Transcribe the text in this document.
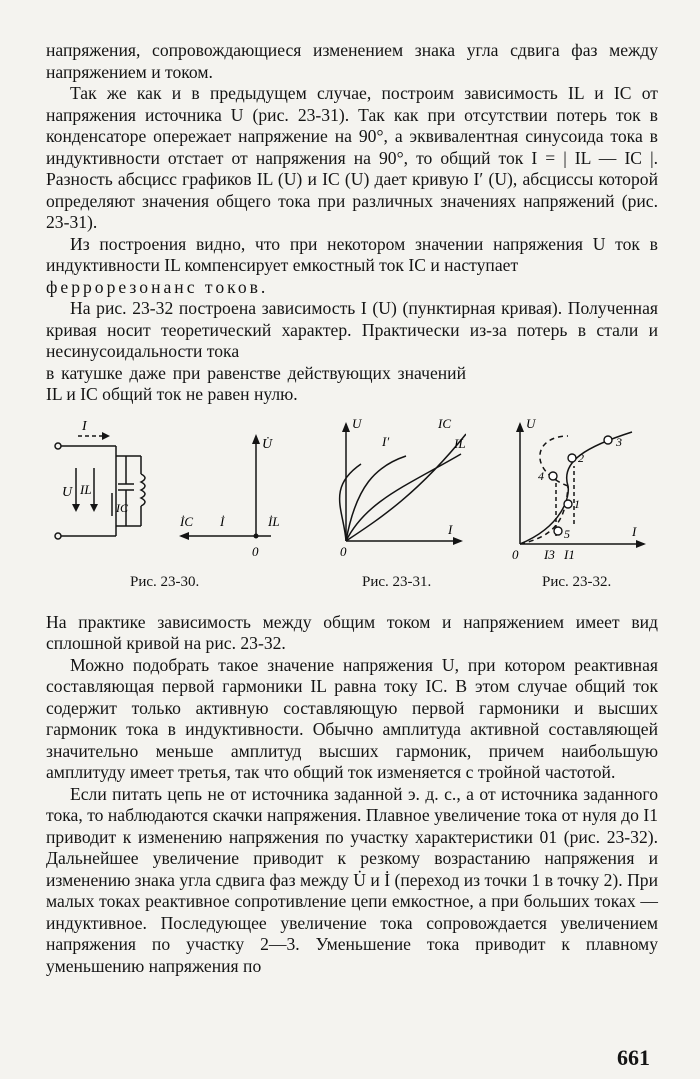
напряжения, сопровождающиеся изменением знака угла сдвига фаз между напряжением и током.

Так же как и в предыдущем случае, построим зависимость IL и IC от напряжения источника U (рис. 23-31). Так как при отсутствии потерь ток в конденсаторе опережает напряжение на 90°, а эквивалентная синусоида тока в индуктивности отстает от напряжения на 90°, то общий ток I = | IL — IC |. Разность абсцисс графиков IL (U) и IC (U) дает кривую I′ (U), абсциссы которой определяют значения общего тока при различных значениях напряжений (рис. 23-31).

Из построения видно, что при некотором значении напряжения U ток в индуктивности IL компенсирует емкостный ток IC и наступает

феррорезонанс токов.

На рис. 23-32 построена зависимость I (U) (пунктирная кривая). Полученная кривая носит теоретический характер. Практически из-за потерь в стали и несинусоидальности тока

в катушке даже при равенстве действующих значений IL и IC общий ток не равен нулю.

I
U IL
IC
U̇
İC İ	İL
0
U
I
I′
IC
IL
0
U
I
0 I3 I1
1
2
3
4
5
Рис. 23-30.	Рис. 23-31.	Рис. 23-32.

На практике зависимость между общим током и напряжением имеет вид сплошной кривой на рис. 23-32.

Можно подобрать такое значение напряжения U, при котором реактивная составляющая первой гармоники IL равна току IC. В этом случае общий ток содержит только активную составляющую первой гармоники и высших гармоник тока в индуктивности. Обычно амплитуда активной составляющей значительно меньше амплитуд высших гармоник, причем наибольшую амплитуду имеет третья, так что общий ток изменяется с тройной частотой.

Если питать цепь не от источника заданной э. д. с., а от источника заданного тока, то наблюдаются скачки напряжения. Плавное увеличение тока от нуля до I1 приводит к изменению напряжения по участку характеристики 01 (рис. 23-32). Дальнейшее увеличение приводит к резкому возрастанию напряжения и изменению знака угла сдвига фаз между U̇ и İ (переход из точки 1 в точку 2). При малых токах реактивное сопротивление цепи емкостное, а при больших токах — индуктивное. Последующее увеличение тока сопровождается увеличением напряжения по участку 2—3. Уменьшение тока приводит к плавному уменьшению напряжения по

661
